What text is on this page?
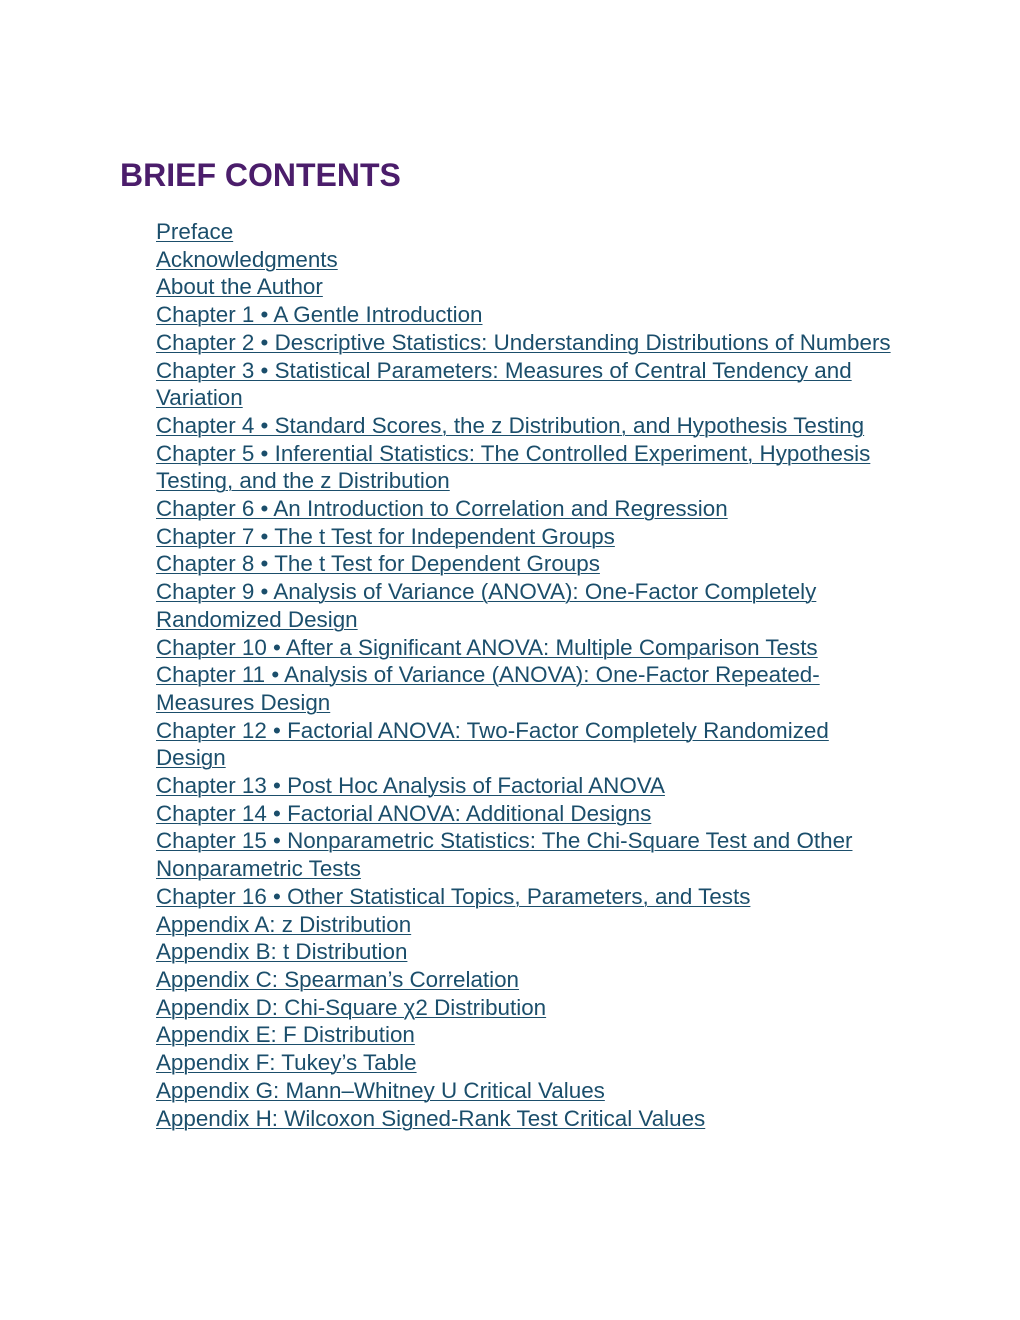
BRIEF CONTENTS
Preface
Acknowledgments
About the Author
Chapter 1 • A Gentle Introduction
Chapter 2 • Descriptive Statistics: Understanding Distributions of Numbers
Chapter 3 • Statistical Parameters: Measures of Central Tendency and Variation
Chapter 4 • Standard Scores, the z Distribution, and Hypothesis Testing
Chapter 5 • Inferential Statistics: The Controlled Experiment, Hypothesis Testing, and the z Distribution
Chapter 6 • An Introduction to Correlation and Regression
Chapter 7 • The t Test for Independent Groups
Chapter 8 • The t Test for Dependent Groups
Chapter 9 • Analysis of Variance (ANOVA): One-Factor Completely Randomized Design
Chapter 10 • After a Significant ANOVA: Multiple Comparison Tests
Chapter 11 • Analysis of Variance (ANOVA): One-Factor Repeated-Measures Design
Chapter 12 • Factorial ANOVA: Two-Factor Completely Randomized Design
Chapter 13 • Post Hoc Analysis of Factorial ANOVA
Chapter 14 • Factorial ANOVA: Additional Designs
Chapter 15 • Nonparametric Statistics: The Chi-Square Test and Other Nonparametric Tests
Chapter 16 • Other Statistical Topics, Parameters, and Tests
Appendix A: z Distribution
Appendix B: t Distribution
Appendix C: Spearman’s Correlation
Appendix D: Chi-Square χ2 Distribution
Appendix E: F Distribution
Appendix F: Tukey’s Table
Appendix G: Mann–Whitney U Critical Values
Appendix H: Wilcoxon Signed-Rank Test Critical Values
